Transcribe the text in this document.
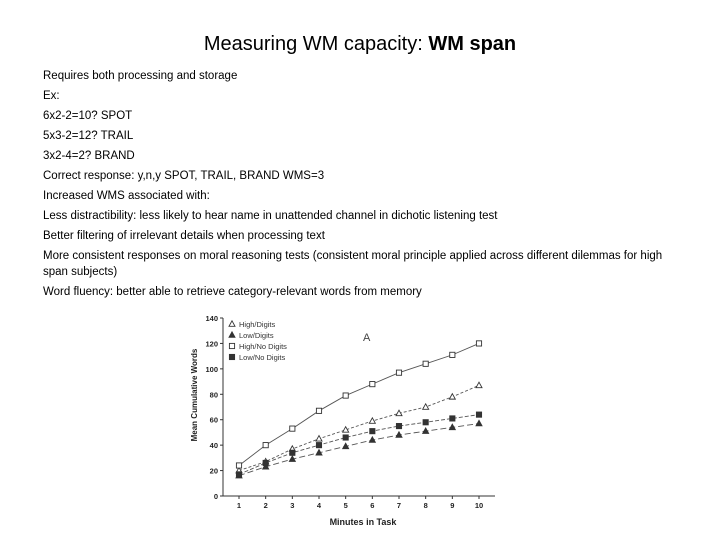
Measuring WM capacity: WM span
Requires both processing and storage
Ex:
6x2-2=10? SPOT
5x3-2=12? TRAIL
3x2-4=2? BRAND
Correct response: y,n,y SPOT, TRAIL, BRAND WMS=3
Increased WMS associated with:
Less distractibility: less likely to hear name in unattended channel in dichotic listening test
Better filtering of irrelevant details when processing text
More consistent responses on moral reasoning tests (consistent moral principle applied across different dilemmas for high span subjects)
Word fluency: better able to retrieve category-relevant words from memory
0
20
40
60
80
100
120
140
1	2	3	4	5	6	7	8	9	10
High/Digits
Low/Digits
High/No Digits
Low/No Digits
A
Minutes in Task
Mean Cumulative Words
